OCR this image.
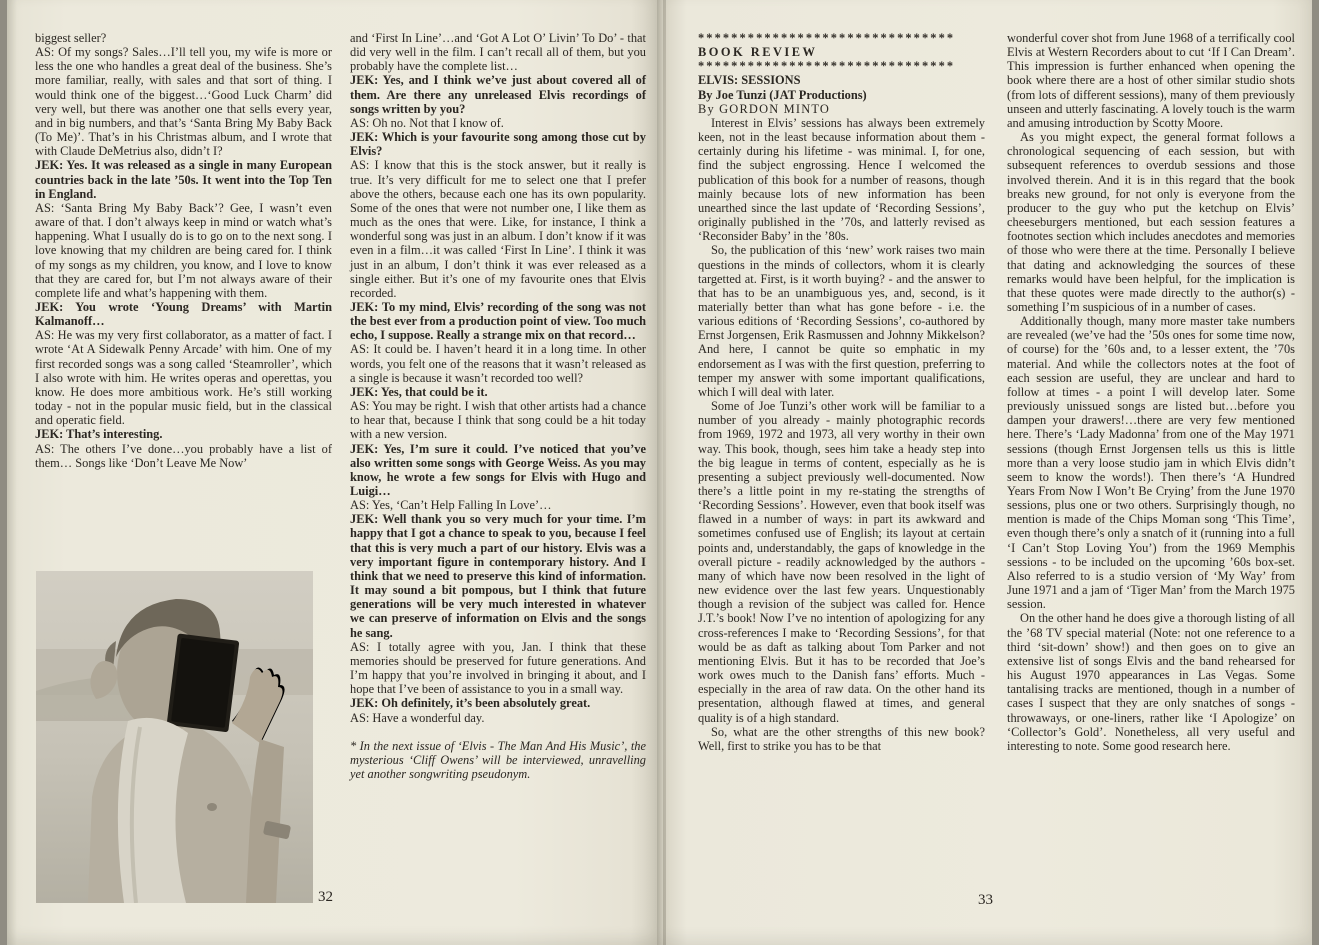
biggest seller?

AS: Of my songs? Sales…I’ll tell you, my wife is more or less the one who handles a great deal of the business. She’s more familiar, really, with sales and that sort of thing. I would think one of the biggest…‘Good Luck Charm’ did very well, but there was another one that sells every year, and in big numbers, and that’s ‘Santa Bring My Baby Back (To Me)’. That’s in his Christmas album, and I wrote that with Claude DeMetrius also, didn’t I?

JEK: Yes. It was released as a single in many European countries back in the late ’50s. It went into the Top Ten in England.

AS: ‘Santa Bring My Baby Back’? Gee, I wasn’t even aware of that. I don’t always keep in mind or watch what’s happening. What I usually do is to go on to the next song. I love knowing that my children are being cared for. I think of my songs as my children, you know, and I love to know that they are cared for, but I’m not always aware of their complete life and what’s happening with them.

JEK: You wrote ‘Young Dreams’ with Martin Kalmanoff…

AS: He was my very first collaborator, as a matter of fact. I wrote ‘At A Sidewalk Penny Arcade’ with him. One of my first recorded songs was a song called ‘Steamroller’, which I also wrote with him. He writes operas and operettas, you know. He does more ambitious work. He’s still working today - not in the popular music field, but in the classical and operatic field.

JEK: That’s interesting.

AS: The others I’ve done…you probably have a list of them… Songs like ‘Don’t Leave Me Now’

and ‘First In Line’…and ‘Got A Lot O’ Livin’ To Do’ - that did very well in the film. I can’t recall all of them, but you probably have the complete list…

JEK: Yes, and I think we’ve just about covered all of them. Are there any unreleased Elvis recordings of songs written by you?

AS: Oh no. Not that I know of.

JEK: Which is your favourite song among those cut by Elvis?

AS: I know that this is the stock answer, but it really is true. It’s very difficult for me to select one that I prefer above the others, because each one has its own popularity. Some of the ones that were not number one, I like them as much as the ones that were. Like, for instance, I think a wonderful song was just in an album. I don’t know if it was even in a film…it was called ‘First In Line’. I think it was just in an album, I don’t think it was ever released as a single either. But it’s one of my favourite ones that Elvis recorded.

JEK: To my mind, Elvis’ recording of the song was not the best ever from a production point of view. Too much echo, I suppose. Really a strange mix on that record…

AS: It could be. I haven’t heard it in a long time. In other words, you felt one of the reasons that it wasn’t released as a single is because it wasn’t recorded too well?

JEK: Yes, that could be it.

AS: You may be right. I wish that other artists had a chance to hear that, because I think that song could be a hit today with a new version.

JEK: Yes, I’m sure it could. I’ve noticed that you’ve also written some songs with George Weiss. As you may know, he wrote a few songs for Elvis with Hugo and Luigi…

AS: Yes, ‘Can’t Help Falling In Love’…

JEK: Well thank you so very much for your time. I’m happy that I got a chance to speak to you, because I feel that this is very much a part of our history. Elvis was a very important figure in contemporary history. And I think that we need to preserve this kind of information. It may sound a bit pompous, but I think that future generations will be very much interested in whatever we can preserve of information on Elvis and the songs he sang.

AS: I totally agree with you, Jan. I think that these memories should be preserved for future generations. And I’m happy that you’re involved in bringing it about, and I hope that I’ve been of assistance to you in a small way.

JEK: Oh definitely, it’s been absolutely great.

AS: Have a wonderful day.

* In the next issue of ‘Elvis - The Man And His Music’, the mysterious ‘Cliff Owens’ will be interviewed, unravelling yet another songwriting pseudonym.

32

*******************************

BOOK REVIEW

*******************************

ELVIS: SESSIONS

By Joe Tunzi (JAT Productions)

By GORDON MINTO

Interest in Elvis’ sessions has always been extremely keen, not in the least because information about them - certainly during his lifetime - was minimal. I, for one, find the subject engrossing. Hence I welcomed the publication of this book for a number of reasons, though mainly because lots of new information has been unearthed since the last update of ‘Recording Sessions’, originally published in the ’70s, and latterly revised as ‘Reconsider Baby’ in the ’80s.

So, the publication of this ‘new’ work raises two main questions in the minds of collectors, whom it is clearly targetted at. First, is it worth buying? - and the answer to that has to be an unambiguous yes, and, second, is it materially better than what has gone before - i.e. the various editions of ‘Recording Sessions’, co-authored by Ernst Jorgensen, Erik Rasmussen and Johnny Mikkelson? And here, I cannot be quite so emphatic in my endorsement as I was with the first question, preferring to temper my answer with some important qualifications, which I will deal with later.

Some of Joe Tunzi’s other work will be familiar to a number of you already - mainly photographic records from 1969, 1972 and 1973, all very worthy in their own way. This book, though, sees him take a heady step into the big league in terms of content, especially as he is presenting a subject previously well-documented. Now there’s a little point in my re-stating the strengths of ‘Recording Sessions’. However, even that book itself was flawed in a number of ways: in part its awkward and sometimes confused use of English; its layout at certain points and, understandably, the gaps of knowledge in the overall picture - readily acknowledged by the authors - many of which have now been resolved in the light of new evidence over the last few years. Unquestionably though a revision of the subject was called for. Hence J.T.’s book! Now I’ve no intention of apologizing for any cross-references I make to ‘Recording Sessions’, for that would be as daft as talking about Tom Parker and not mentioning Elvis. But it has to be recorded that Joe’s work owes much to the Danish fans’ efforts. Much - especially in the area of raw data. On the other hand its presentation, although flawed at times, and general quality is of a high standard.

So, what are the other strengths of this new book? Well, first to strike you has to be that

wonderful cover shot from June 1968 of a terrifically cool Elvis at Western Recorders about to cut ‘If I Can Dream’. This impression is further enhanced when opening the book where there are a host of other similar studio shots (from lots of different sessions), many of them previously unseen and utterly fascinating. A lovely touch is the warm and amusing introduction by Scotty Moore.

As you might expect, the general format follows a chronological sequencing of each session, but with subsequent references to overdub sessions and those involved therein. And it is in this regard that the book breaks new ground, for not only is everyone from the producer to the guy who put the ketchup on Elvis’ cheeseburgers mentioned, but each session features a footnotes section which includes anecdotes and memories of those who were there at the time. Personally I believe that dating and acknowledging the sources of these remarks would have been helpful, for the implication is that these quotes were made directly to the author(s) - something I’m suspicious of in a number of cases.

Additionally though, many more master take numbers are revealed (we’ve had the ’50s ones for some time now, of course) for the ’60s and, to a lesser extent, the ’70s material. And while the collectors notes at the foot of each session are useful, they are unclear and hard to follow at times - a point I will develop later. Some previously unissued songs are listed but…before you dampen your drawers!…there are very few mentioned here. There’s ‘Lady Madonna’ from one of the May 1971 sessions (though Ernst Jorgensen tells us this is little more than a very loose studio jam in which Elvis didn’t seem to know the words!). Then there’s ‘A Hundred Years From Now I Won’t Be Crying’ from the June 1970 sessions, plus one or two others. Surprisingly though, no mention is made of the Chips Moman song ‘This Time’, even though there’s only a snatch of it (running into a full ‘I Can’t Stop Loving You’) from the 1969 Memphis sessions - to be included on the upcoming ’60s box-set. Also referred to is a studio version of ‘My Way’ from June 1971 and a jam of ‘Tiger Man’ from the March 1975 session.

On the other hand he does give a thorough listing of all the ’68 TV special material (Note: not one reference to a third ‘sit-down’ show!) and then goes on to give an extensive list of songs Elvis and the band rehearsed for his August 1970 appearances in Las Vegas. Some tantalising tracks are mentioned, though in a number of cases I suspect that they are only snatches of songs - throwaways, or one-liners, rather like ‘I Apologize’ on ‘Collector’s Gold’. Nonetheless, all very useful and interesting to note. Some good research here.

33
